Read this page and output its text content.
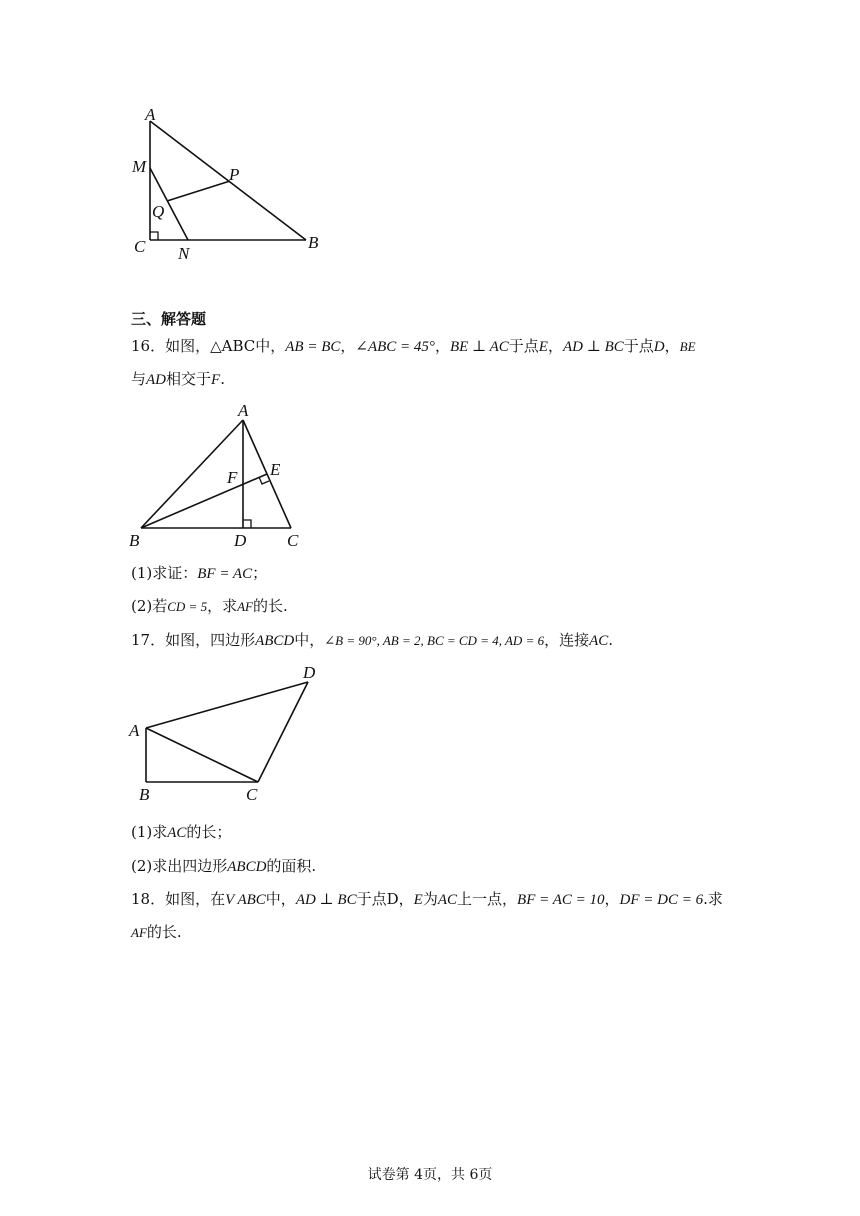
A
M	P
Q
C N
B
三、解答题
16．如图，△ABC中，AB = BC，∠ABC = 45°，BE ⊥ AC于点E，AD ⊥ BC于点D，BE
与AD相交于F.
A
E
F
B	D C
(1)求证：BF = AC；
(2)若CD = 5，求AF的长.
17．如图，四边形ABCD中，∠B = 90°, AB = 2, BC = CD = 4, AD = 6，连接AC.
A
B	C
D
(1)求AC的长；
(2)求出四边形ABCD的面积.
18．如图，在V ABC中，AD ⊥ BC于点D，E为AC上一点，BF = AC = 10，DF = DC = 6.求
AF的长.
试卷第 4页，共 6页
